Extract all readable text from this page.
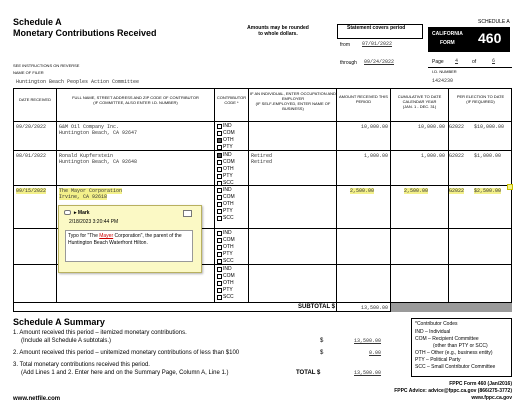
Schedule A
Monetary Contributions Received	Amounts may be rounded
to whole dollars.
Statement covers period
from 07/01/2022
through 09/24/2022
SCHEDULE A
CALIFORNIA
FORM 460
Page 4	of	6
I.D. NUMBER
1424230
SEE INSTRUCTIONS ON REVERSE
NAME OF FILER
Huntington Beach Peoples Action Committee
DATE RECEIVED	FULL NAME, STREET ADDRESS AND ZIP CODE OF CONTRIBUTOR
(IF COMMITTEE, ALSO ENTER I.D. NUMBER)
CONTRIBUTOR CODE *
IF AN INDIVIDUAL, ENTER OCCUPATION AND EMPLOYER
(IF SELF-EMPLOYED, ENTER NAME OF BUSINESS)
AMOUNT RECEIVED THIS PERIOD
CUMULATIVE TO DATE CALENDAR YEAR
(JAN. 1 - DEC. 31)
PER ELECTION TO DATE
(IF REQUIRED)
09/20/2022	G&M Oil Company Inc.
Huntington Beach, CA 92647
IND
COM
OTH
PTY
10,000.00	10,000.00 G2022 $10,000.00
08/01/2022	Ronald Kupferstein
Huntington Beach, CA 92648
IND
COM
OTH
PTY
SCC
Retired
Retired
1,000.00	1,000.00 G2022 $1,000.00
09/15/2022	The Mayor Corporation
Irvine, CA 92618
IND
COM
OTH
PTY
SCC
2,500.00	2,500.00	G2022 $2,500.00
IND
COM
OTH
PTY
SCC
IND
COM
OTH
PTY
SCC
SUBTOTAL $	13,500.00
▸ Mark
2/18/2023 3:20:44 PM
Typo for "The Mayer Corporation", the parent of the Huntington Beach Waterfront Hilton.
Schedule A Summary
1. Amount received this period – itemized monetary contributions.
(Include all Schedule A subtotals.)	$	13,500.00
2. Amount received this period – unitemized monetary contributions of less than $100	$	0.00
3. Total monetary contributions received this period.
(Add Lines 1 and 2. Enter here and on the Summary Page, Column A, Line 1.)	TOTAL $	13,500.00
*Contributor Codes
IND – Individual
COM – Recipient Committee
(other than PTY or SCC)
OTH – Other (e.g., business entity)
PTY – Political Party
SCC – Small Contributor Committee
www.netfile.com
FPPC Form 460 (Jan/2016)
FPPC Advice: advice@fppc.ca.gov (866/275-3772)
www.fppc.ca.gov
